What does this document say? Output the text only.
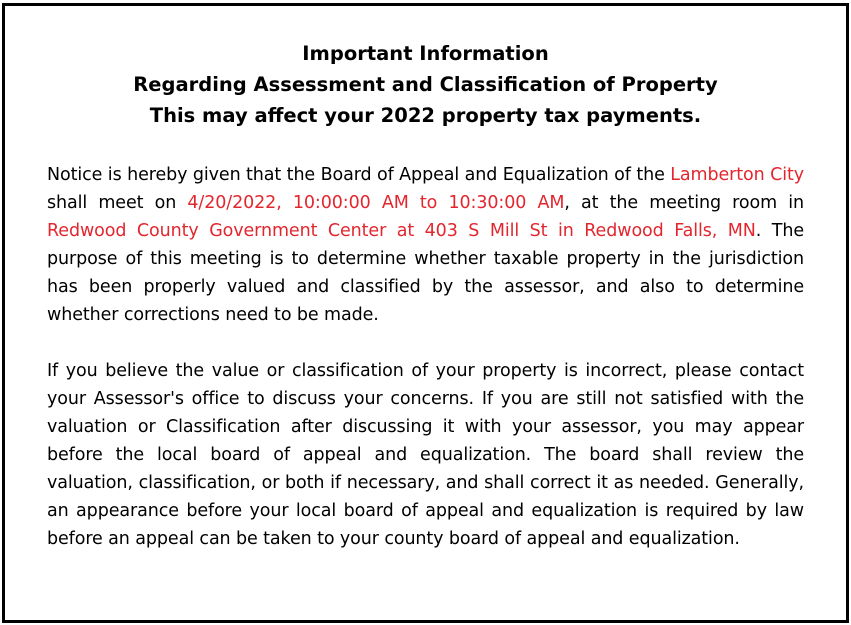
Important Information
Regarding Assessment and Classification of Property
This may affect your 2022 property tax payments.

Notice is hereby given that the Board of Appeal and Equalization of the Lamberton City shall meet on 4/20/2022, 10:00:00 AM to 10:30:00 AM, at the meeting room in Redwood County Government Center at 403 S Mill St in Redwood Falls, MN. The purpose of this meeting is to determine whether taxable property in the jurisdiction has been properly valued and classified by the assessor, and also to determine whether corrections need to be made.

If you believe the value or classification of your property is incorrect, please contact your Assessor's office to discuss your concerns. If you are still not satisfied with the valuation or Classification after discussing it with your assessor, you may appear before the local board of appeal and equalization. The board shall review the valuation, classification, or both if necessary, and shall correct it as needed. Generally, an appearance before your local board of appeal and equalization is required by law before an appeal can be taken to your county board of appeal and equalization.
